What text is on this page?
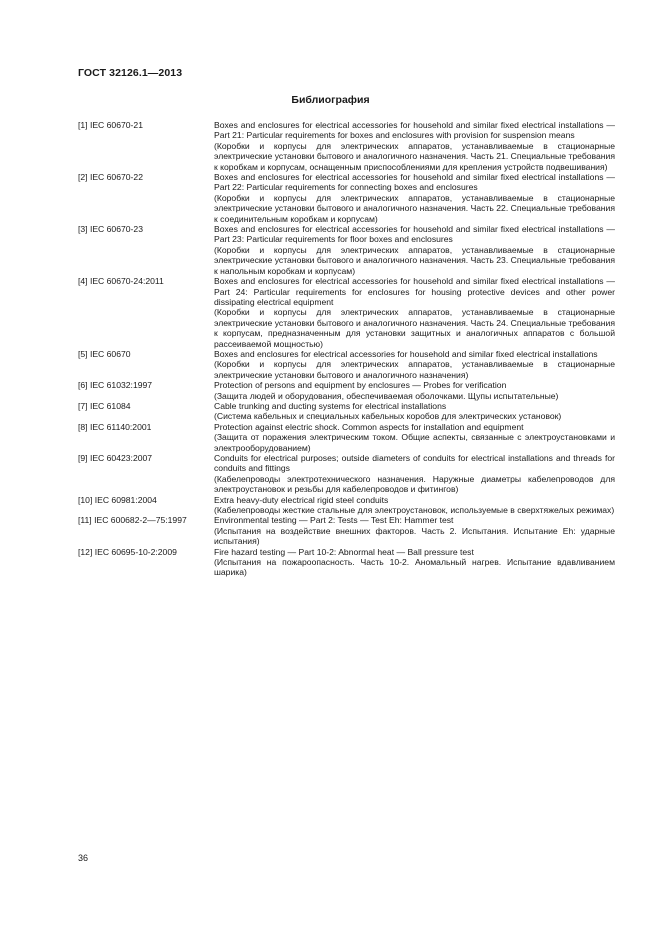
ГОСТ 32126.1—2013
Библиография
[1] IEC 60670-21	Boxes and enclosures for electrical accessories for household and similar fixed electrical installations — Part 21: Particular requirements for boxes and enclosures with provision for suspension means
(Коробки и корпусы для электрических аппаратов, устанавливаемые в стационарные электрические установки бытового и аналогичного назначения. Часть 21. Специальные требования к коробкам и корпусам, оснащенным приспособлениями для крепления устройств подвешивания)
[2] IEC 60670-22	Boxes and enclosures for electrical accessories for household and similar fixed electrical installations — Part 22: Particular requirements for connecting boxes and enclosures
(Коробки и корпусы для электрических аппаратов, устанавливаемые в стационарные электрические установки бытового и аналогичного назначения. Часть 22. Специальные требования к соединительным коробкам и корпусам)
[3] IEC 60670-23	Boxes and enclosures for electrical accessories for household and similar fixed electrical installations — Part 23: Particular requirements for floor boxes and enclosures
(Коробки и корпусы для электрических аппаратов, устанавливаемые в стационарные электрические установки бытового и аналогичного назначения. Часть 23. Специальные требования к напольным коробкам и корпусам)
[4] IEC 60670-24:2011	Boxes and enclosures for electrical accessories for household and similar fixed electrical installations — Part 24: Particular requirements for enclosures for housing protective devices and other power dissipating electrical equipment
(Коробки и корпусы для электрических аппаратов, устанавливаемые в стационарные электрические установки бытового и аналогичного назначения. Часть 24. Специальные требования к корпусам, предназначенным для установки защитных и аналогичных аппаратов с большой рассеиваемой мощностью)
[5] IEC 60670	Boxes and enclosures for electrical accessories for household and similar fixed electrical installations
(Коробки и корпусы для электрических аппаратов, устанавливаемые в стационарные электрические установки бытового и аналогичного назначения)
[6] IEC 61032:1997	Protection of persons and equipment by enclosures — Probes for verification
(Защита людей и оборудования, обеспечиваемая оболочками. Щупы испытательные)
[7] IEC 61084	Cable trunking and ducting systems for electrical installations
(Система кабельных и специальных кабельных коробов для электрических установок)
[8] IEC 61140:2001	Protection against electric shock. Common aspects for installation and equipment
(Защита от поражения электрическим током. Общие аспекты, связанные с электроустановками и электрооборудованием)
[9] IEC 60423:2007	Conduits for electrical purposes; outside diameters of conduits for electrical installations and threads for conduits and fittings
(Кабелепроводы электротехнического назначения. Наружные диаметры кабелепроводов для электроустановок и резьбы для кабелепроводов и фитингов)
[10] IEC 60981:2004	Extra heavy-duty electrical rigid steel conduits
(Кабелепроводы жесткие стальные для электроустановок, используемые в сверхтяжелых режимах)
[11] IEC 600682-2—75:1997	Environmental testing — Part 2: Tests — Test Eh: Hammer test
(Испытания на воздействие внешних факторов. Часть 2. Испытания. Испытание Eh: ударные испытания)
[12] IEC 60695-10-2:2009	Fire hazard testing — Part 10-2: Abnormal heat — Ball pressure test
(Испытания на пожароопасность. Часть 10-2. Аномальный нагрев. Испытание вдавливанием шарика)
36
